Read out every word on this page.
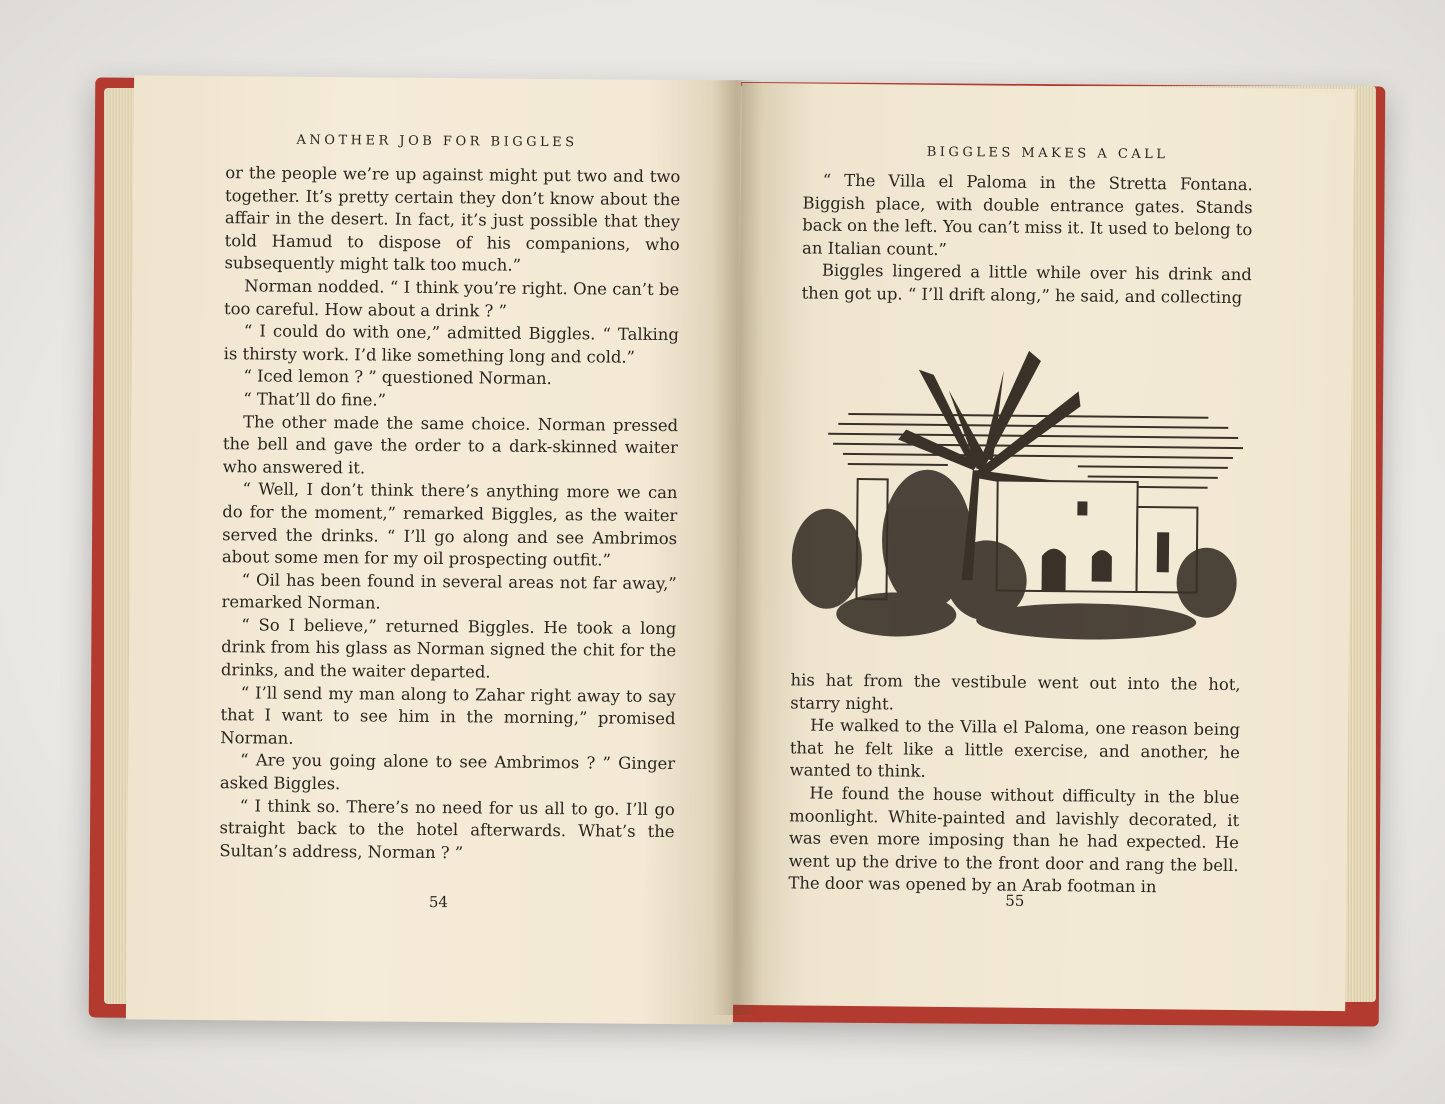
ANOTHER JOB FOR BIGGLES

or the people we’re up against might put two and two together. It’s pretty certain they don’t know about the affair in the desert. In fact, it’s just possible that they told Hamud to dispose of his companions, who subsequently might talk too much.”

Norman nodded. “ I think you’re right. One can’t be too careful. How about a drink ? ”

“ I could do with one,” admitted Biggles. “ Talking is thirsty work. I’d like something long and cold.”

“ Iced lemon ? ” questioned Norman.

“ That’ll do fine.”

The other made the same choice. Norman pressed the bell and gave the order to a dark-skinned waiter who answered it.

“ Well, I don’t think there’s anything more we can do for the moment,” remarked Biggles, as the waiter served the drinks. “ I’ll go along and see Ambrimos about some men for my oil prospecting outfit.”

“ Oil has been found in several areas not far away,” remarked Norman.

“ So I believe,” returned Biggles. He took a long drink from his glass as Norman signed the chit for the drinks, and the waiter departed.

“ I’ll send my man along to Zahar right away to say that I want to see him in the morning,” promised Norman.

“ Are you going alone to see Ambrimos ? ” Ginger asked Biggles.

“ I think so. There’s no need for us all to go. I’ll go straight back to the hotel afterwards. What’s the Sultan’s address, Norman ? ”

54
BIGGLES MAKES A CALL

“ The Villa el Paloma in the Stretta Fontana. Biggish place, with double entrance gates. Stands back on the left. You can’t miss it. It used to belong to an Italian count.”

Biggles lingered a little while over his drink and then got up. “ I’ll drift along,” he said, and collecting

his hat from the vestibule went out into the hot, starry night.

He walked to the Villa el Paloma, one reason being that he felt like a little exercise, and another, he wanted to think.

He found the house without difficulty in the blue moonlight. White-painted and lavishly decorated, it was even more imposing than he had expected. He went up the drive to the front door and rang the bell. The door was opened by an Arab footman in

55
